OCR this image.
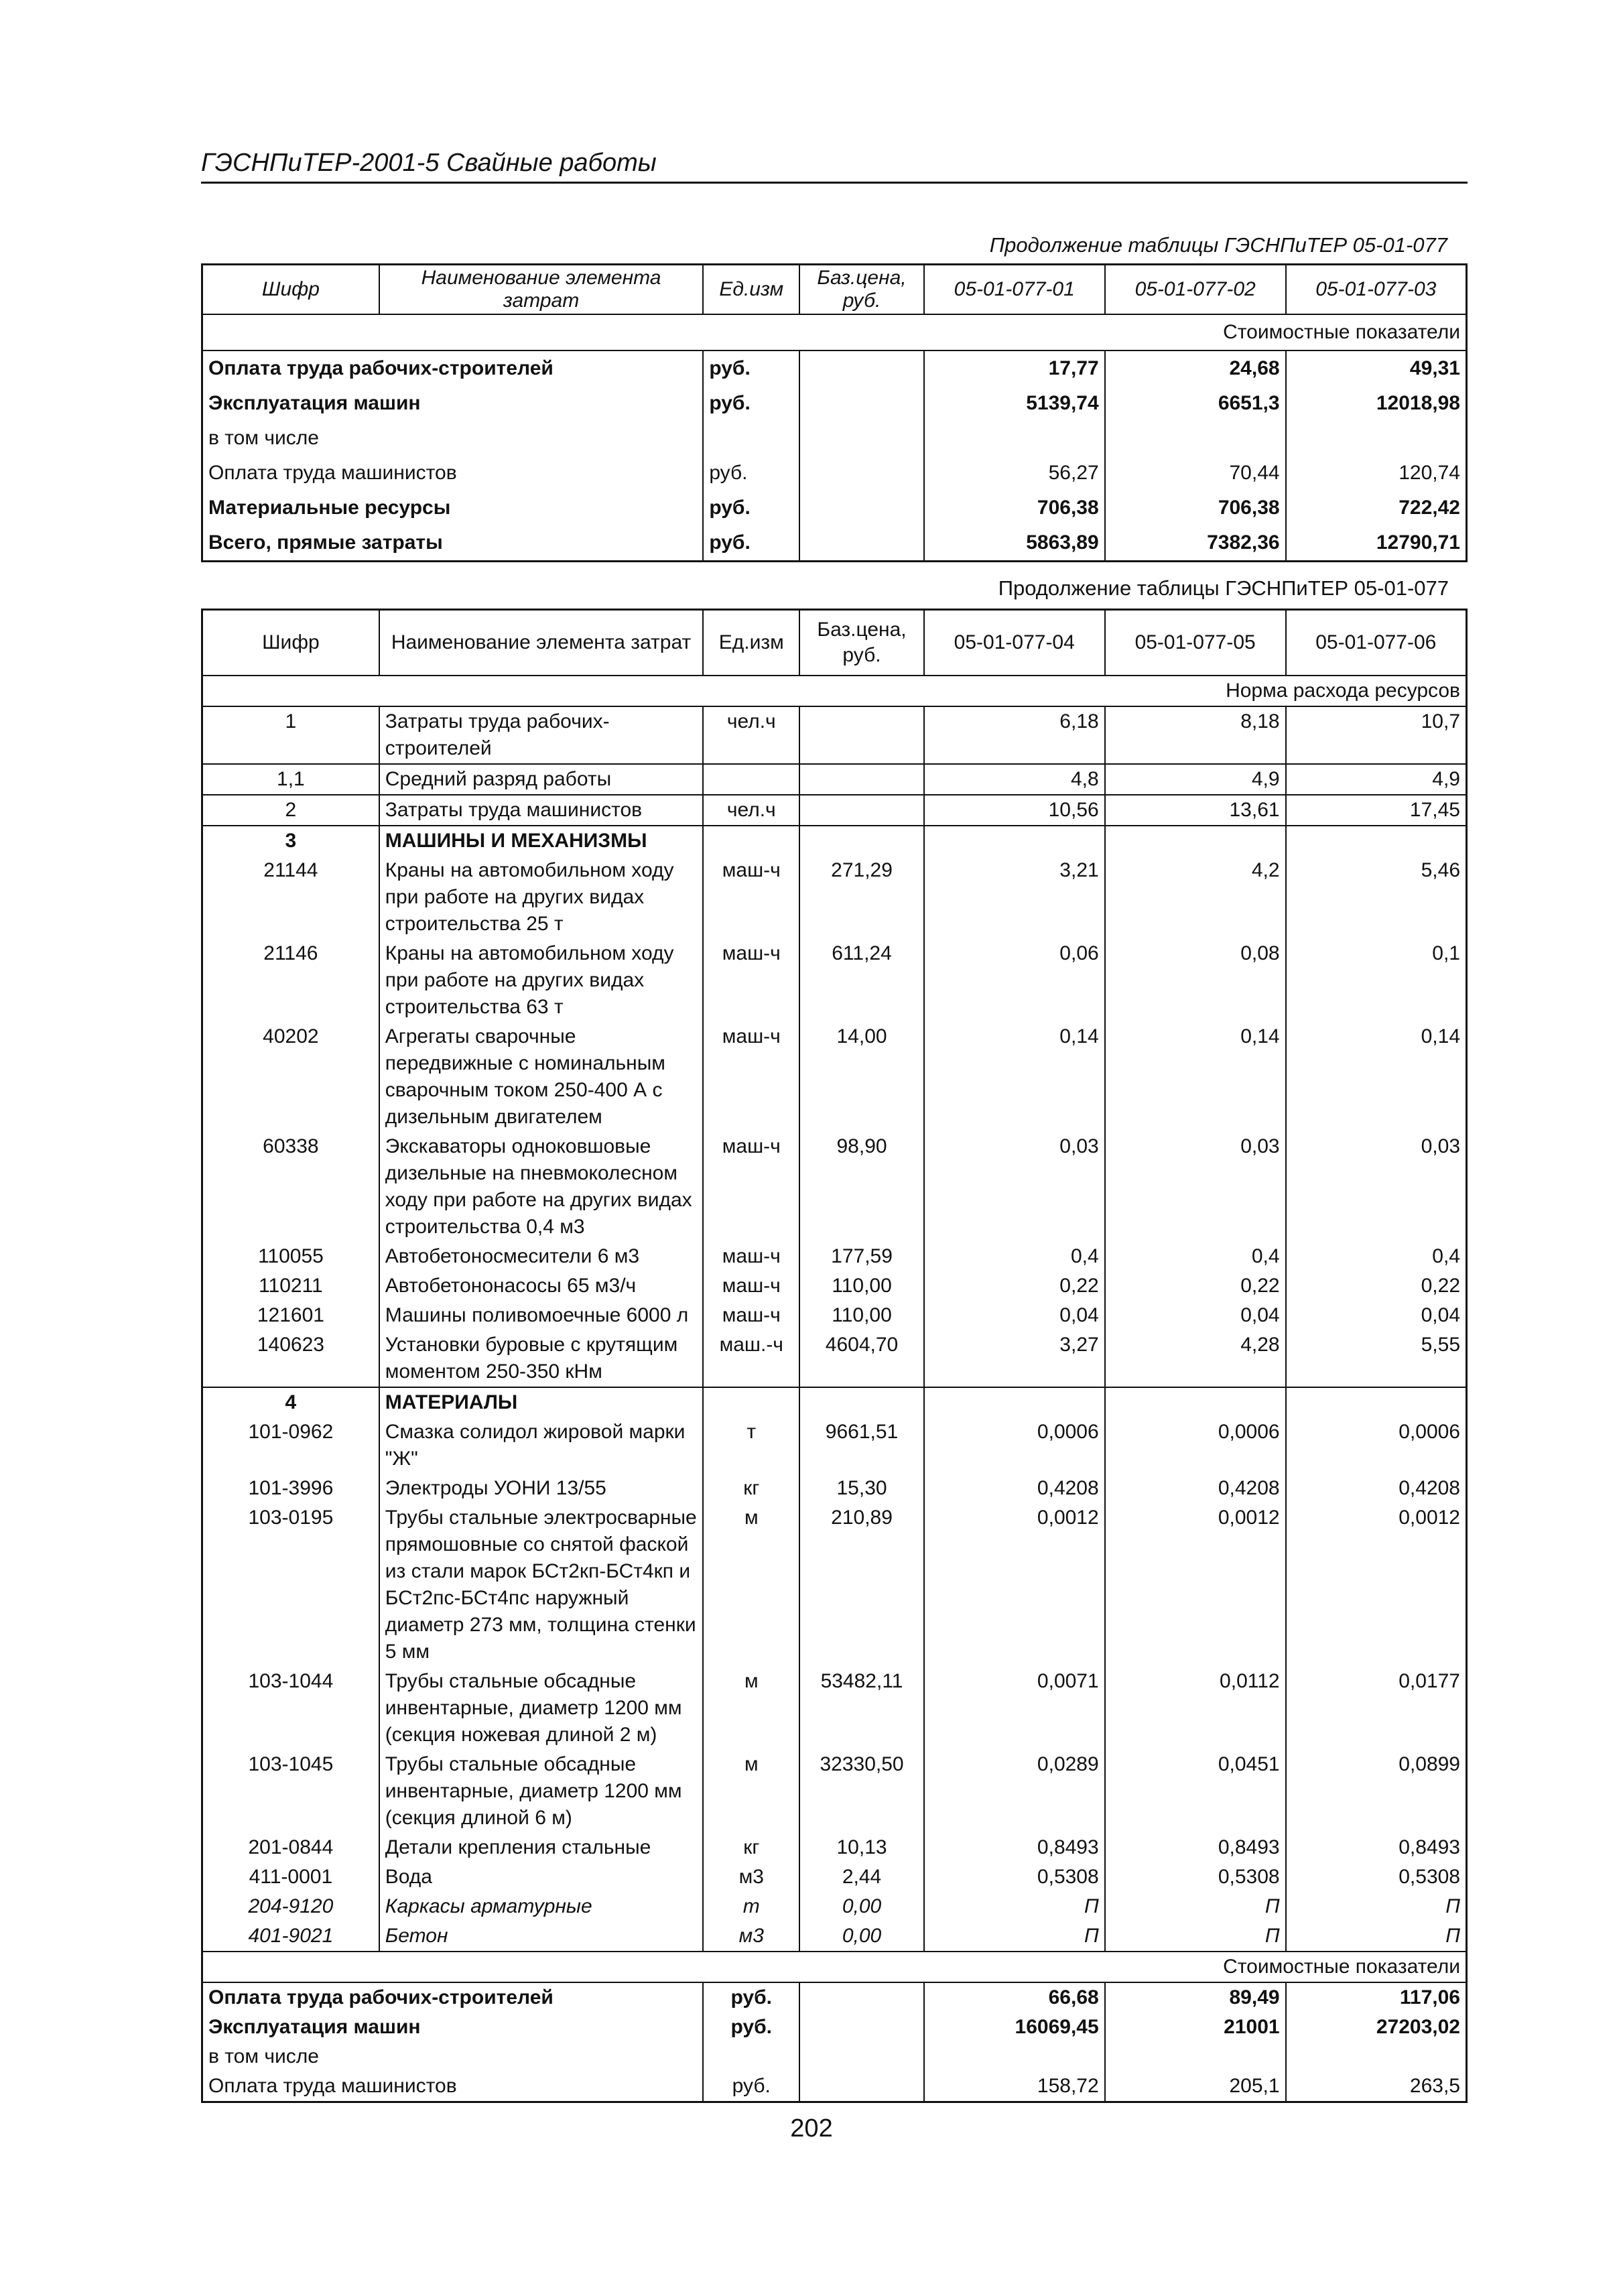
ГЭСНПиТЕР-2001-5 Свайные работы
Продолжение таблицы ГЭСНПиТЕР 05-01-077
Шифр	Наименование элемента затрат	Ед.изм	Баз.цена, руб.	05-01-077-01	05-01-077-02	05-01-077-03
Стоимостные показатели						
Оплата труда рабочих-строителей		руб.		17,77	24,68	49,31
Эксплуатация машин		руб.		5139,74	6651,3	12018,98
в том числе						
Оплата труда машинистов		руб.		56,27	70,44	120,74
Материальные ресурсы		руб.		706,38	706,38	722,42
Всего, прямые затраты		руб.		5863,89	7382,36	12790,71
Продолжение таблицы ГЭСНПиТЕР 05-01-077
Шифр	Наименование элемента затрат	Ед.изм	Баз.цена, руб.	05-01-077-04	05-01-077-05	05-01-077-06
Норма расхода ресурсов						
1	Затраты труда рабочих-строителей	чел.ч		6,18	8,18	10,7
1,1	Средний разряд работы			4,8	4,9	4,9
2	Затраты труда машинистов	чел.ч		10,56	13,61	17,45
3	МАШИНЫ И МЕХАНИЗМЫ					
21144	Краны на автомобильном ходу при работе на других видах строительства 25 т	маш-ч	271,29	3,21	4,2	5,46
21146	Краны на автомобильном ходу при работе на других видах строительства 63 т	маш-ч	611,24	0,06	0,08	0,1
40202	Агрегаты сварочные передвижные с номинальным сварочным током 250-400 А с дизельным двигателем	маш-ч	14,00	0,14	0,14	0,14
60338	Экскаваторы одноковшовые дизельные на пневмоколесном ходу при работе на других видах строительства 0,4 м3	маш-ч	98,90	0,03	0,03	0,03
110055	Автобетоносмесители 6 м3	маш-ч	177,59	0,4	0,4	0,4
110211	Автобетононасосы 65 м3/ч	маш-ч	110,00	0,22	0,22	0,22
121601	Машины поливомоечные 6000 л	маш-ч	110,00	0,04	0,04	0,04
140623	Установки буровые с крутящим моментом 250-350 кНм	маш.-ч	4604,70	3,27	4,28	5,55
4	МАТЕРИАЛЫ					
101-0962	Смазка солидол жировой марки "Ж"	т	9661,51	0,0006	0,0006	0,0006
101-3996	Электроды УОНИ 13/55	кг	15,30	0,4208	0,4208	0,4208
103-0195	Трубы стальные электросварные прямошовные со снятой фаской из стали марок БСт2кп-БСт4кп и БСт2пс-БСт4пс наружный диаметр 273 мм, толщина стенки 5 мм	м	210,89	0,0012	0,0012	0,0012
103-1044	Трубы стальные обсадные инвентарные, диаметр 1200 мм (секция ножевая длиной 2 м)	м	53482,11	0,0071	0,0112	0,0177
103-1045	Трубы стальные обсадные инвентарные, диаметр 1200 мм (секция длиной 6 м)	м	32330,50	0,0289	0,0451	0,0899
201-0844	Детали крепления стальные	кг	10,13	0,8493	0,8493	0,8493
411-0001	Вода	м3	2,44	0,5308	0,5308	0,5308
204-9120	Каркасы арматурные	т	0,00	П	П	П
401-9021	Бетон	м3	0,00	П	П	П
Стоимостные показатели						
Оплата труда рабочих-строителей		руб.		66,68	89,49	117,06
Эксплуатация машин		руб.		16069,45	21001	27203,02
в том числе						
Оплата труда машинистов		руб.		158,72	205,1	263,5
202
